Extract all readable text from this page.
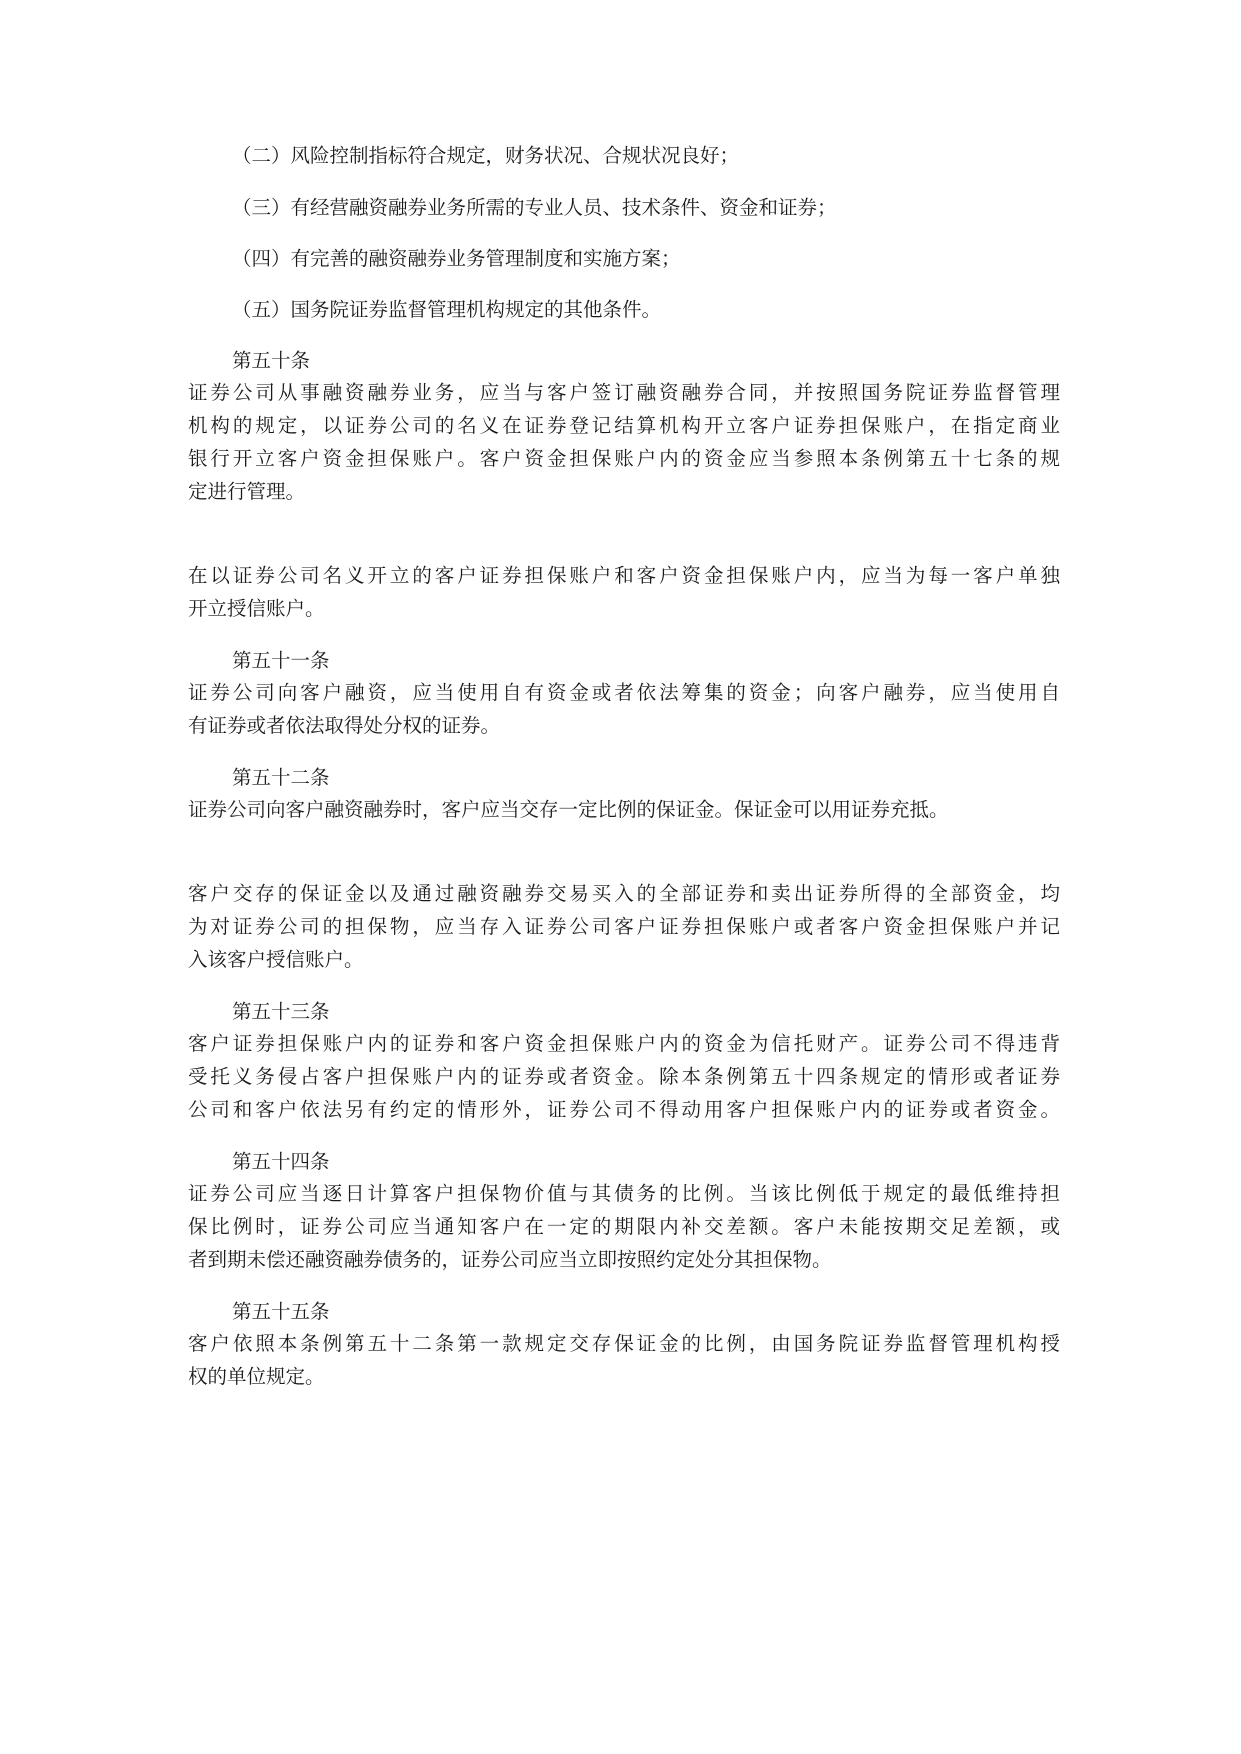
（二）风险控制指标符合规定，财务状况、合规状况良好；

（三）有经营融资融券业务所需的专业人员、技术条件、资金和证券；

（四）有完善的融资融券业务管理制度和实施方案；

（五）国务院证券监督管理机构规定的其他条件。

第五十条

证券公司从事融资融券业务，应当与客户签订融资融券合同，并按照国务院证券监督管理

机构的规定，以证券公司的名义在证券登记结算机构开立客户证券担保账户，在指定商业

银行开立客户资金担保账户。客户资金担保账户内的资金应当参照本条例第五十七条的规

定进行管理。

在以证券公司名义开立的客户证券担保账户和客户资金担保账户内，应当为每一客户单独

开立授信账户。

第五十一条

证券公司向客户融资，应当使用自有资金或者依法筹集的资金；向客户融券，应当使用自

有证券或者依法取得处分权的证券。

第五十二条

证券公司向客户融资融券时，客户应当交存一定比例的保证金。保证金可以用证券充抵。

客户交存的保证金以及通过融资融券交易买入的全部证券和卖出证券所得的全部资金，均

为对证券公司的担保物，应当存入证券公司客户证券担保账户或者客户资金担保账户并记

入该客户授信账户。

第五十三条

客户证券担保账户内的证券和客户资金担保账户内的资金为信托财产。证券公司不得违背

受托义务侵占客户担保账户内的证券或者资金。除本条例第五十四条规定的情形或者证券

公司和客户依法另有约定的情形外，证券公司不得动用客户担保账户内的证券或者资金。

第五十四条

证券公司应当逐日计算客户担保物价值与其债务的比例。当该比例低于规定的最低维持担

保比例时，证券公司应当通知客户在一定的期限内补交差额。客户未能按期交足差额，或

者到期未偿还融资融券债务的，证券公司应当立即按照约定处分其担保物。

第五十五条

客户依照本条例第五十二条第一款规定交存保证金的比例，由国务院证券监督管理机构授

权的单位规定。
